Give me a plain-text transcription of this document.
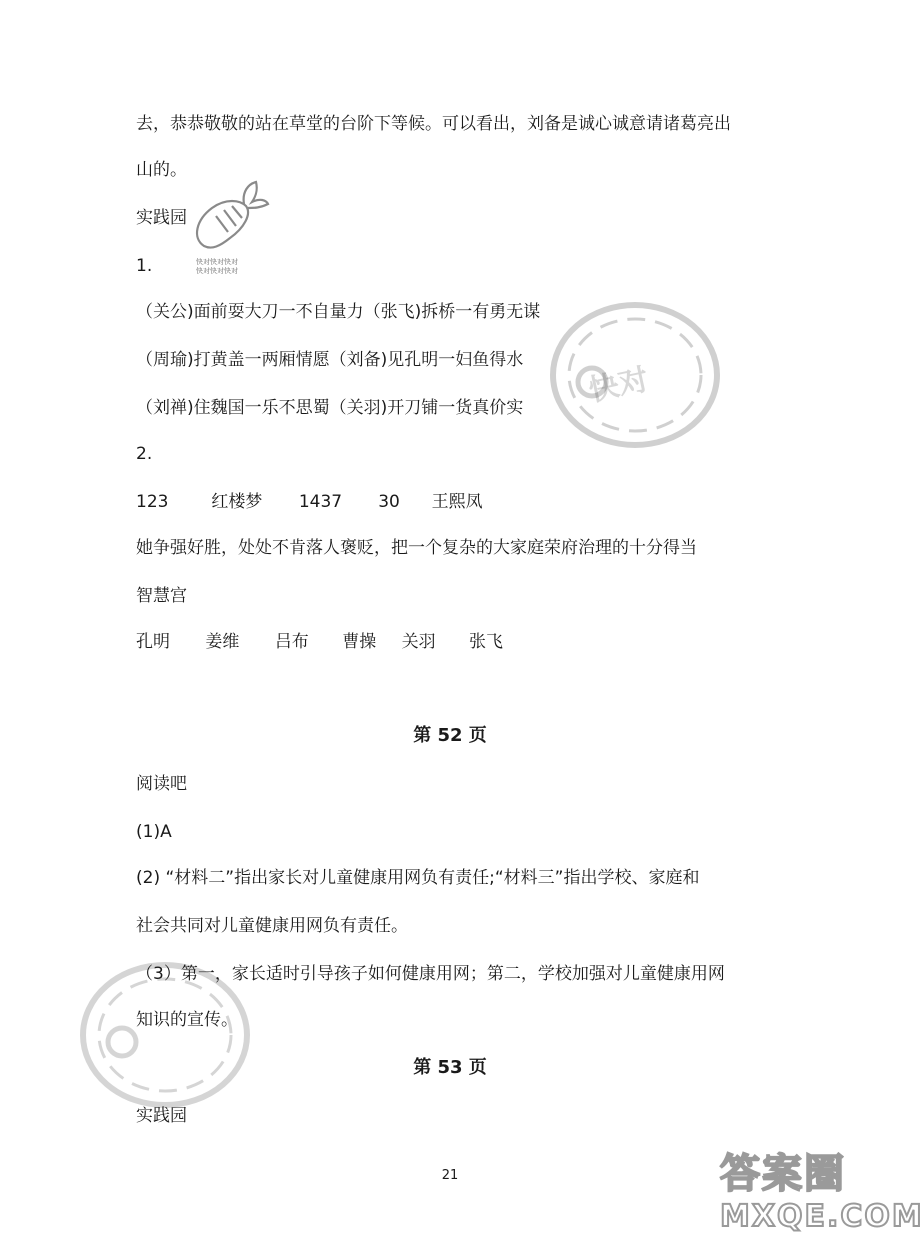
快对快对快对
快对快对快对
快对
去，恭恭敬敬的站在草堂的台阶下等候。可以看出，刘备是诚心诚意请诸葛亮出
山的。
实践园
1.
（关公)面前耍大刀一不自量力（张飞)拆桥一有勇无谋
（周瑜)打黄盖一两厢情愿（刘备)见孔明一妇鱼得水
（刘禅)住魏国一乐不思蜀（关羽)开刀铺一货真价实
2.
123	红楼梦 1437 30 王熙凤
她争强好胜，处处不肯落人褒贬，把一个复杂的大家庭荣府治理的十分得当
智慧宫
孔明 姜维 吕布 曹操 关羽 张飞
第 52 页
阅读吧
(1)A
(2) “材料二”指出家长对儿童健康用网负有责任;“材料三”指出学校、家庭和
社会共同对儿童健康用网负有责任。
（3）第一，家长适时引导孩子如何健康用网；第二，学校加强对儿童健康用网
知识的宣传。
第 53 页
实践园
21	答案圈
MXQE.COM
